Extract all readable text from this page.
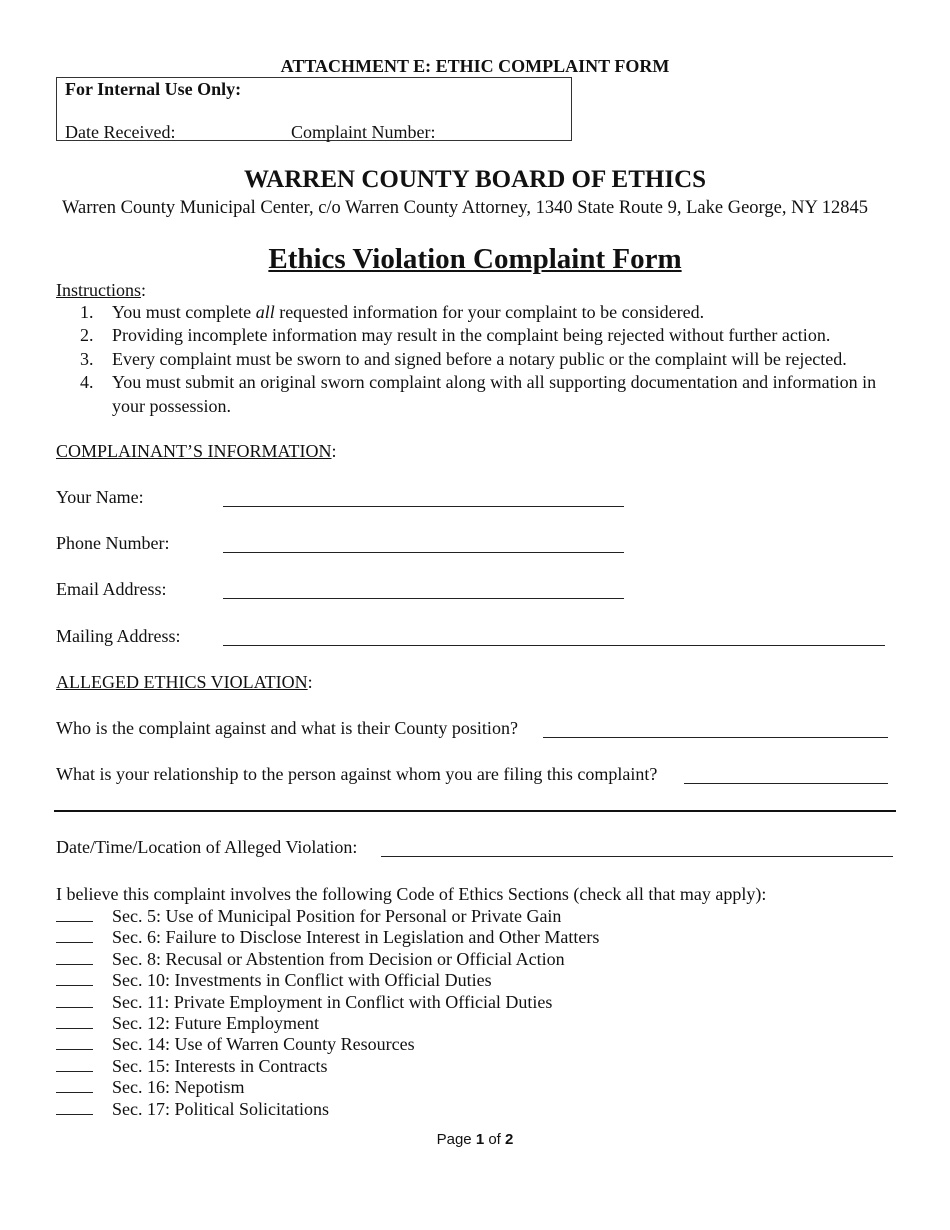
ATTACHMENT E: ETHIC COMPLAINT FORM
For Internal Use Only:
Date Received:	Complaint Number:
WARREN COUNTY BOARD OF ETHICS
Warren County Municipal Center, c/o Warren County Attorney, 1340 State Route 9, Lake George, NY 12845
Ethics Violation Complaint Form
Instructions:
1.	You must complete all requested information for your complaint to be considered.
2.	Providing incomplete information may result in the complaint being rejected without further action.
3.	Every complaint must be sworn to and signed before a notary public or the complaint will be rejected.
4.	You must submit an original sworn complaint along with all supporting documentation and information in your possession.
COMPLAINANT’S INFORMATION:
Your Name:
Phone Number:
Email Address:
Mailing Address:
ALLEGED ETHICS VIOLATION:
Who is the complaint against and what is their County position?
What is your relationship to the person against whom you are filing this complaint?
Date/Time/Location of Alleged Violation:
I believe this complaint involves the following Code of Ethics Sections (check all that may apply):
Sec. 5: Use of Municipal Position for Personal or Private Gain
Sec. 6: Failure to Disclose Interest in Legislation and Other Matters
Sec. 8: Recusal or Abstention from Decision or Official Action
Sec. 10: Investments in Conflict with Official Duties
Sec. 11: Private Employment in Conflict with Official Duties
Sec. 12: Future Employment
Sec. 14: Use of Warren County Resources
Sec. 15: Interests in Contracts
Sec. 16: Nepotism
Sec. 17: Political Solicitations
Page 1 of 2
